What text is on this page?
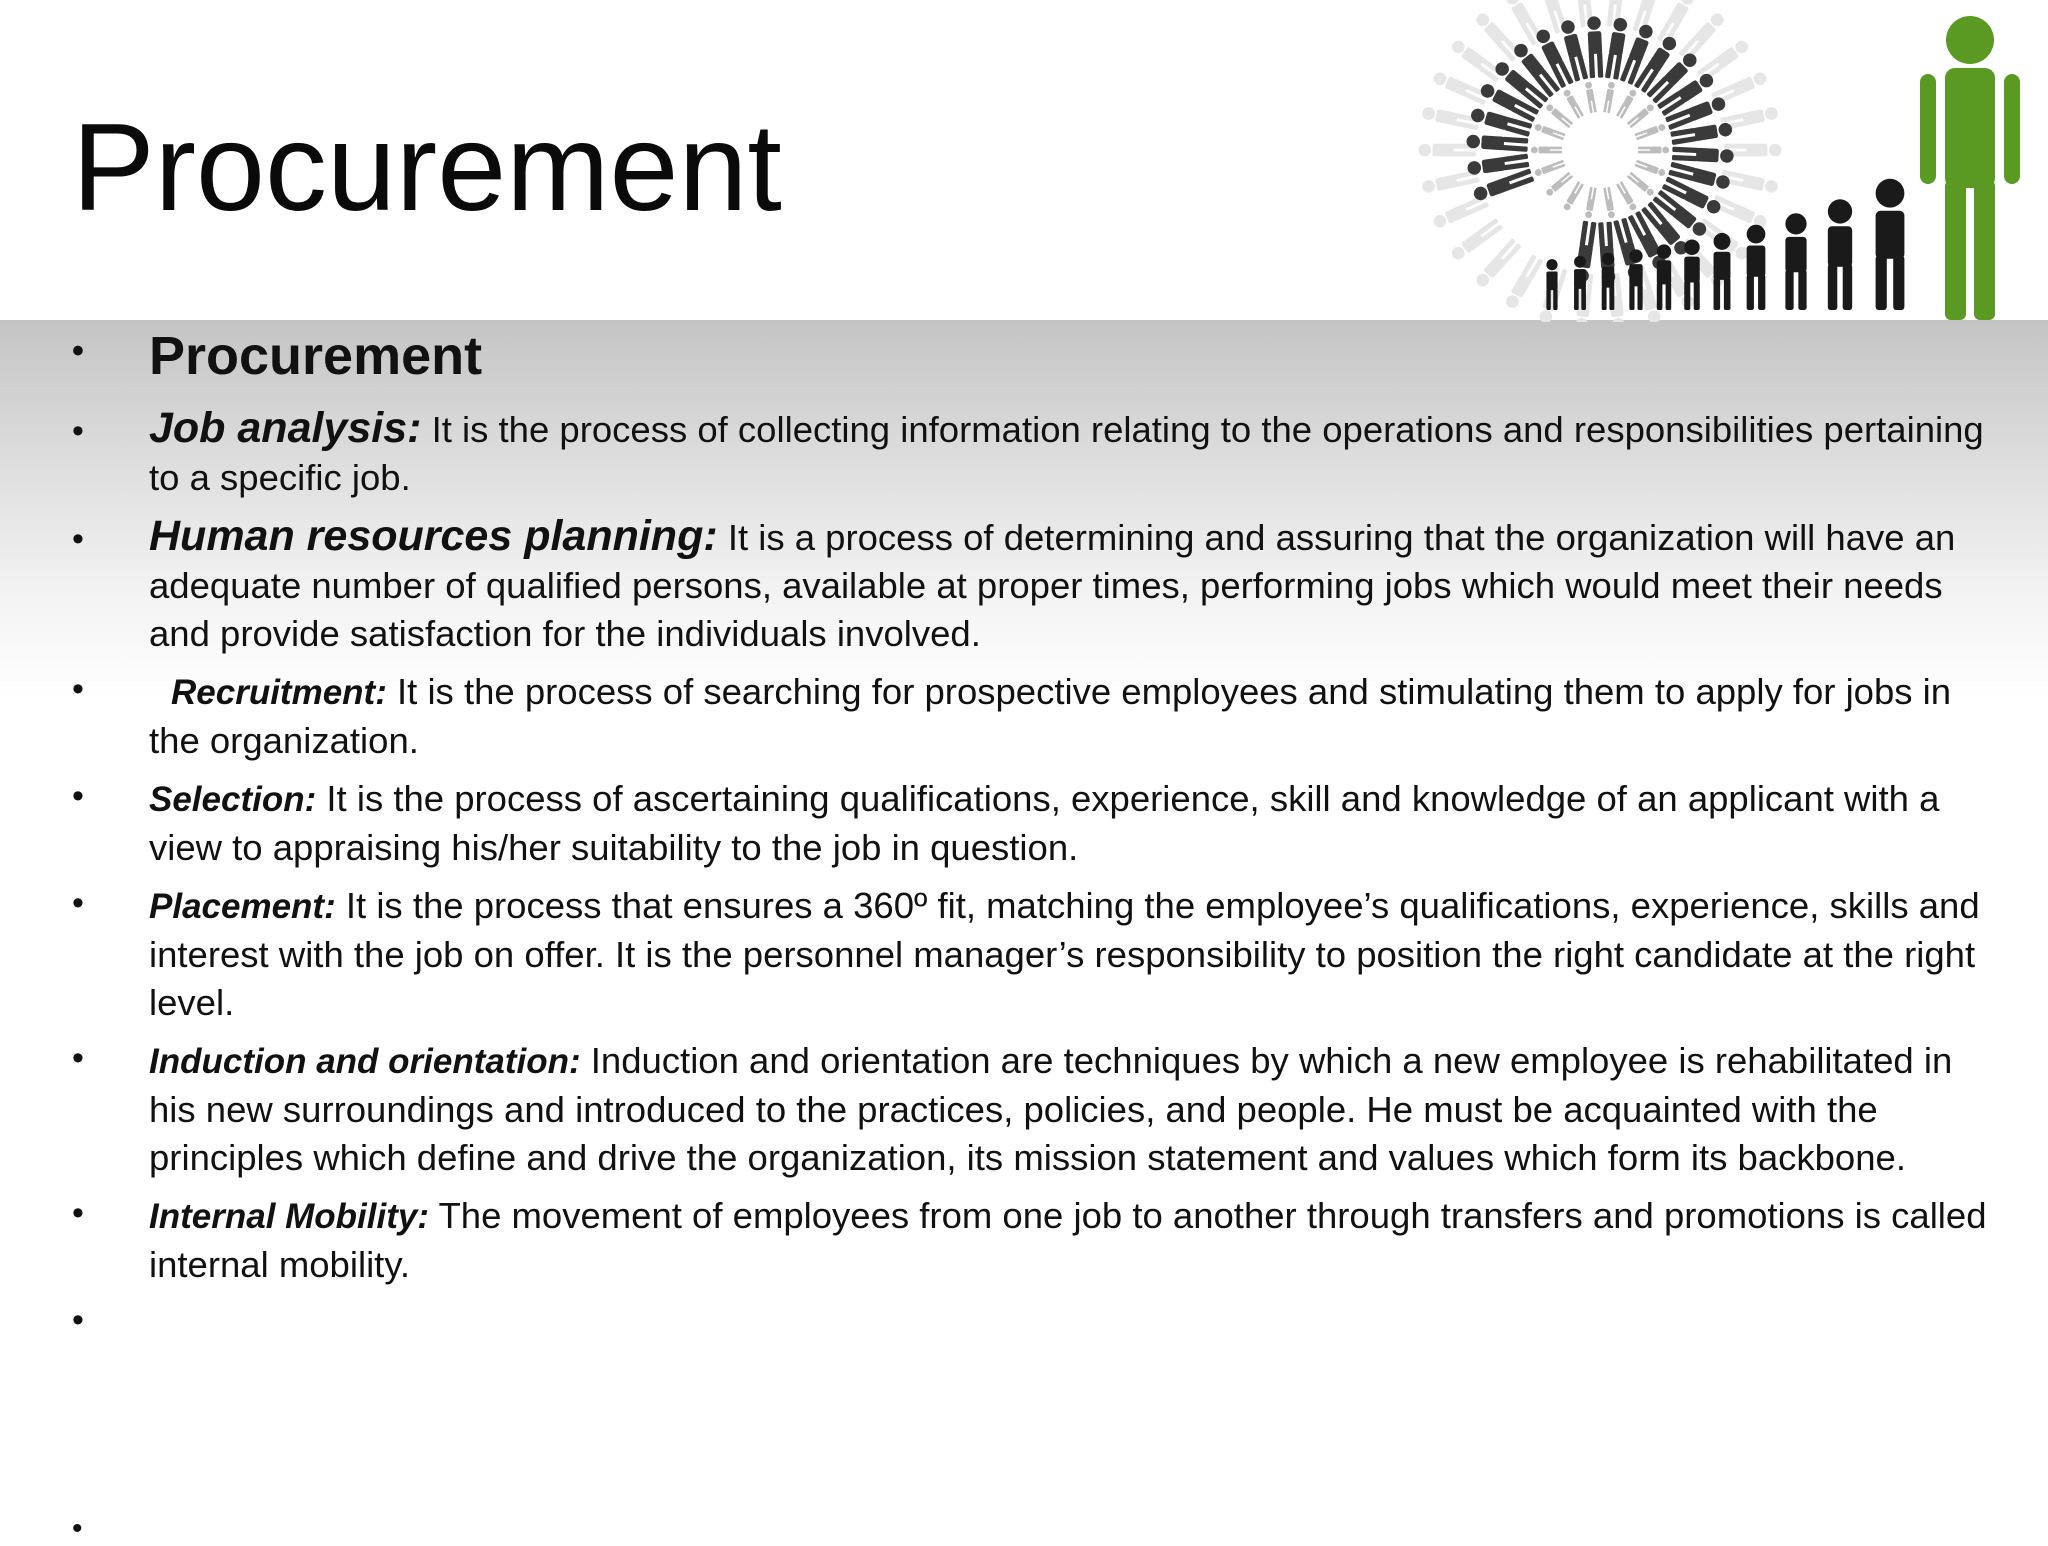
Procurement
• Procurement
• Job analysis: It is the process of collecting information relating to the operations and responsibilities pertaining to a specific job.
• Human resources planning: It is a process of determining and assuring that the organization will have an adequate number of qualified persons, available at proper times, performing jobs which would meet their needs and provide satisfaction for the individuals involved.
• Recruitment: It is the process of searching for prospective employees and stimulating them to apply for jobs in the organization.
• Selection: It is the process of ascertaining qualifications, experience, skill and knowledge of an applicant with a view to appraising his/her suitability to the job in question.
• Placement: It is the process that ensures a 360º fit, matching the employee’s qualifications, experience, skills and interest with the job on offer. It is the personnel manager’s responsibility to position the right candidate at the right level.
• Induction and orientation: Induction and orientation are techniques by which a new employee is rehabilitated in his new surroundings and introduced to the practices, policies, and people. He must be acquainted with the principles which define and drive the organization, its mission statement and values which form its backbone.
• Internal Mobility: The movement of employees from one job to another through transfers and promotions is called internal mobility.
•
•
